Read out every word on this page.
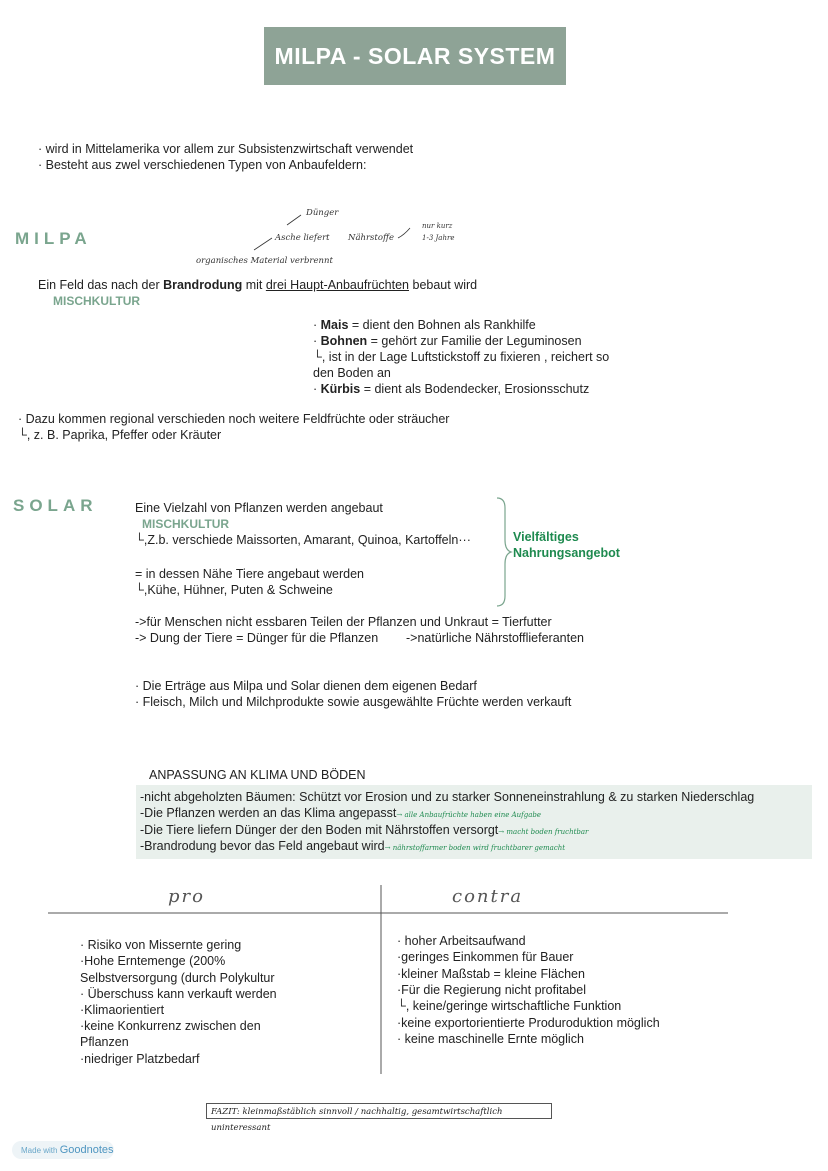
MILPA - SOLAR SYSTEM
· wird in Mittelamerika vor allem zur Subsistenzwirtschaft verwendet
· Besteht aus zwel verschiedenen Typen von Anbaufeldern:
MILPA
Dünger
Asche liefert Nährstoffe
nur kurz
1-3 Jahre
organisches Material verbrennt
Ein Feld das nach der Brandrodung mit drei Haupt-Anbaufrüchten bebaut wird
MISCHKULTUR
· Mais = dient den Bohnen als Rankhilfe
· Bohnen = gehört zur Familie der Leguminosen
└, ist in der Lage Luftstickstoff zu fixieren , reichert so
den Boden an
· Kürbis = dient als Bodendecker, Erosionsschutz
· Dazu kommen regional verschieden noch weitere Feldfrüchte oder sträucher
└, z. B. Paprika, Pfeffer oder Kräuter
SOLAR	Eine Vielzahl von Pflanzen werden angebaut
MISCHKULTUR
└,Z.b. verschiede Maissorten, Amarant, Quinoa, Kartoffeln···
= in dessen Nähe Tiere angebaut werden
└,Kühe, Hühner, Puten & Schweine
Vielfältiges
Nahrungsangebot
->für Menschen nicht essbaren Teilen der Pflanzen und Unkraut = Tierfutter
-> Dung der Tiere = Dünger für die Pflanzen ->natürliche Nährstofflieferanten
· Die Erträge aus Milpa und Solar dienen dem eigenen Bedarf
· Fleisch, Milch und Milchprodukte sowie ausgewählte Früchte werden verkauft
ANPASSUNG AN KLIMA UND BÖDEN
-nicht abgeholzten Bäumen: Schützt vor Erosion und zu starker Sonneneinstrahlung & zu starken Niederschlag
-Die Pflanzen werden an das Klima angepasst→ alle Anbaufrüchte haben eine Aufgabe
-Die Tiere liefern Dünger der den Boden mit Nährstoffen versorgt→ macht boden fruchtbar
-Brandrodung bevor das Feld angebaut wird→ nährstoffarmer boden wird fruchtbarer gemacht
pro	contra
· Risiko von Missernte gering
·Hohe Erntemenge (200%
Selbstversorgung (durch Polykultur
· Überschuss kann verkauft werden
·Klimaorientiert
·keine Konkurrenz zwischen den
Pflanzen
·niedriger Platzbedarf
· hoher Arbeitsaufwand
·geringes Einkommen für Bauer
·kleiner Maßstab = kleine Flächen
·Für die Regierung nicht profitabel
└, keine/geringe wirtschaftliche Funktion
·keine exportorientierte Produroduktion möglich
· keine maschinelle Ernte möglich
FAZIT: kleinmaßstäblich sinnvoll / nachhaltig, gesamtwirtschaftlich uninteressant
Made with Goodnotes
